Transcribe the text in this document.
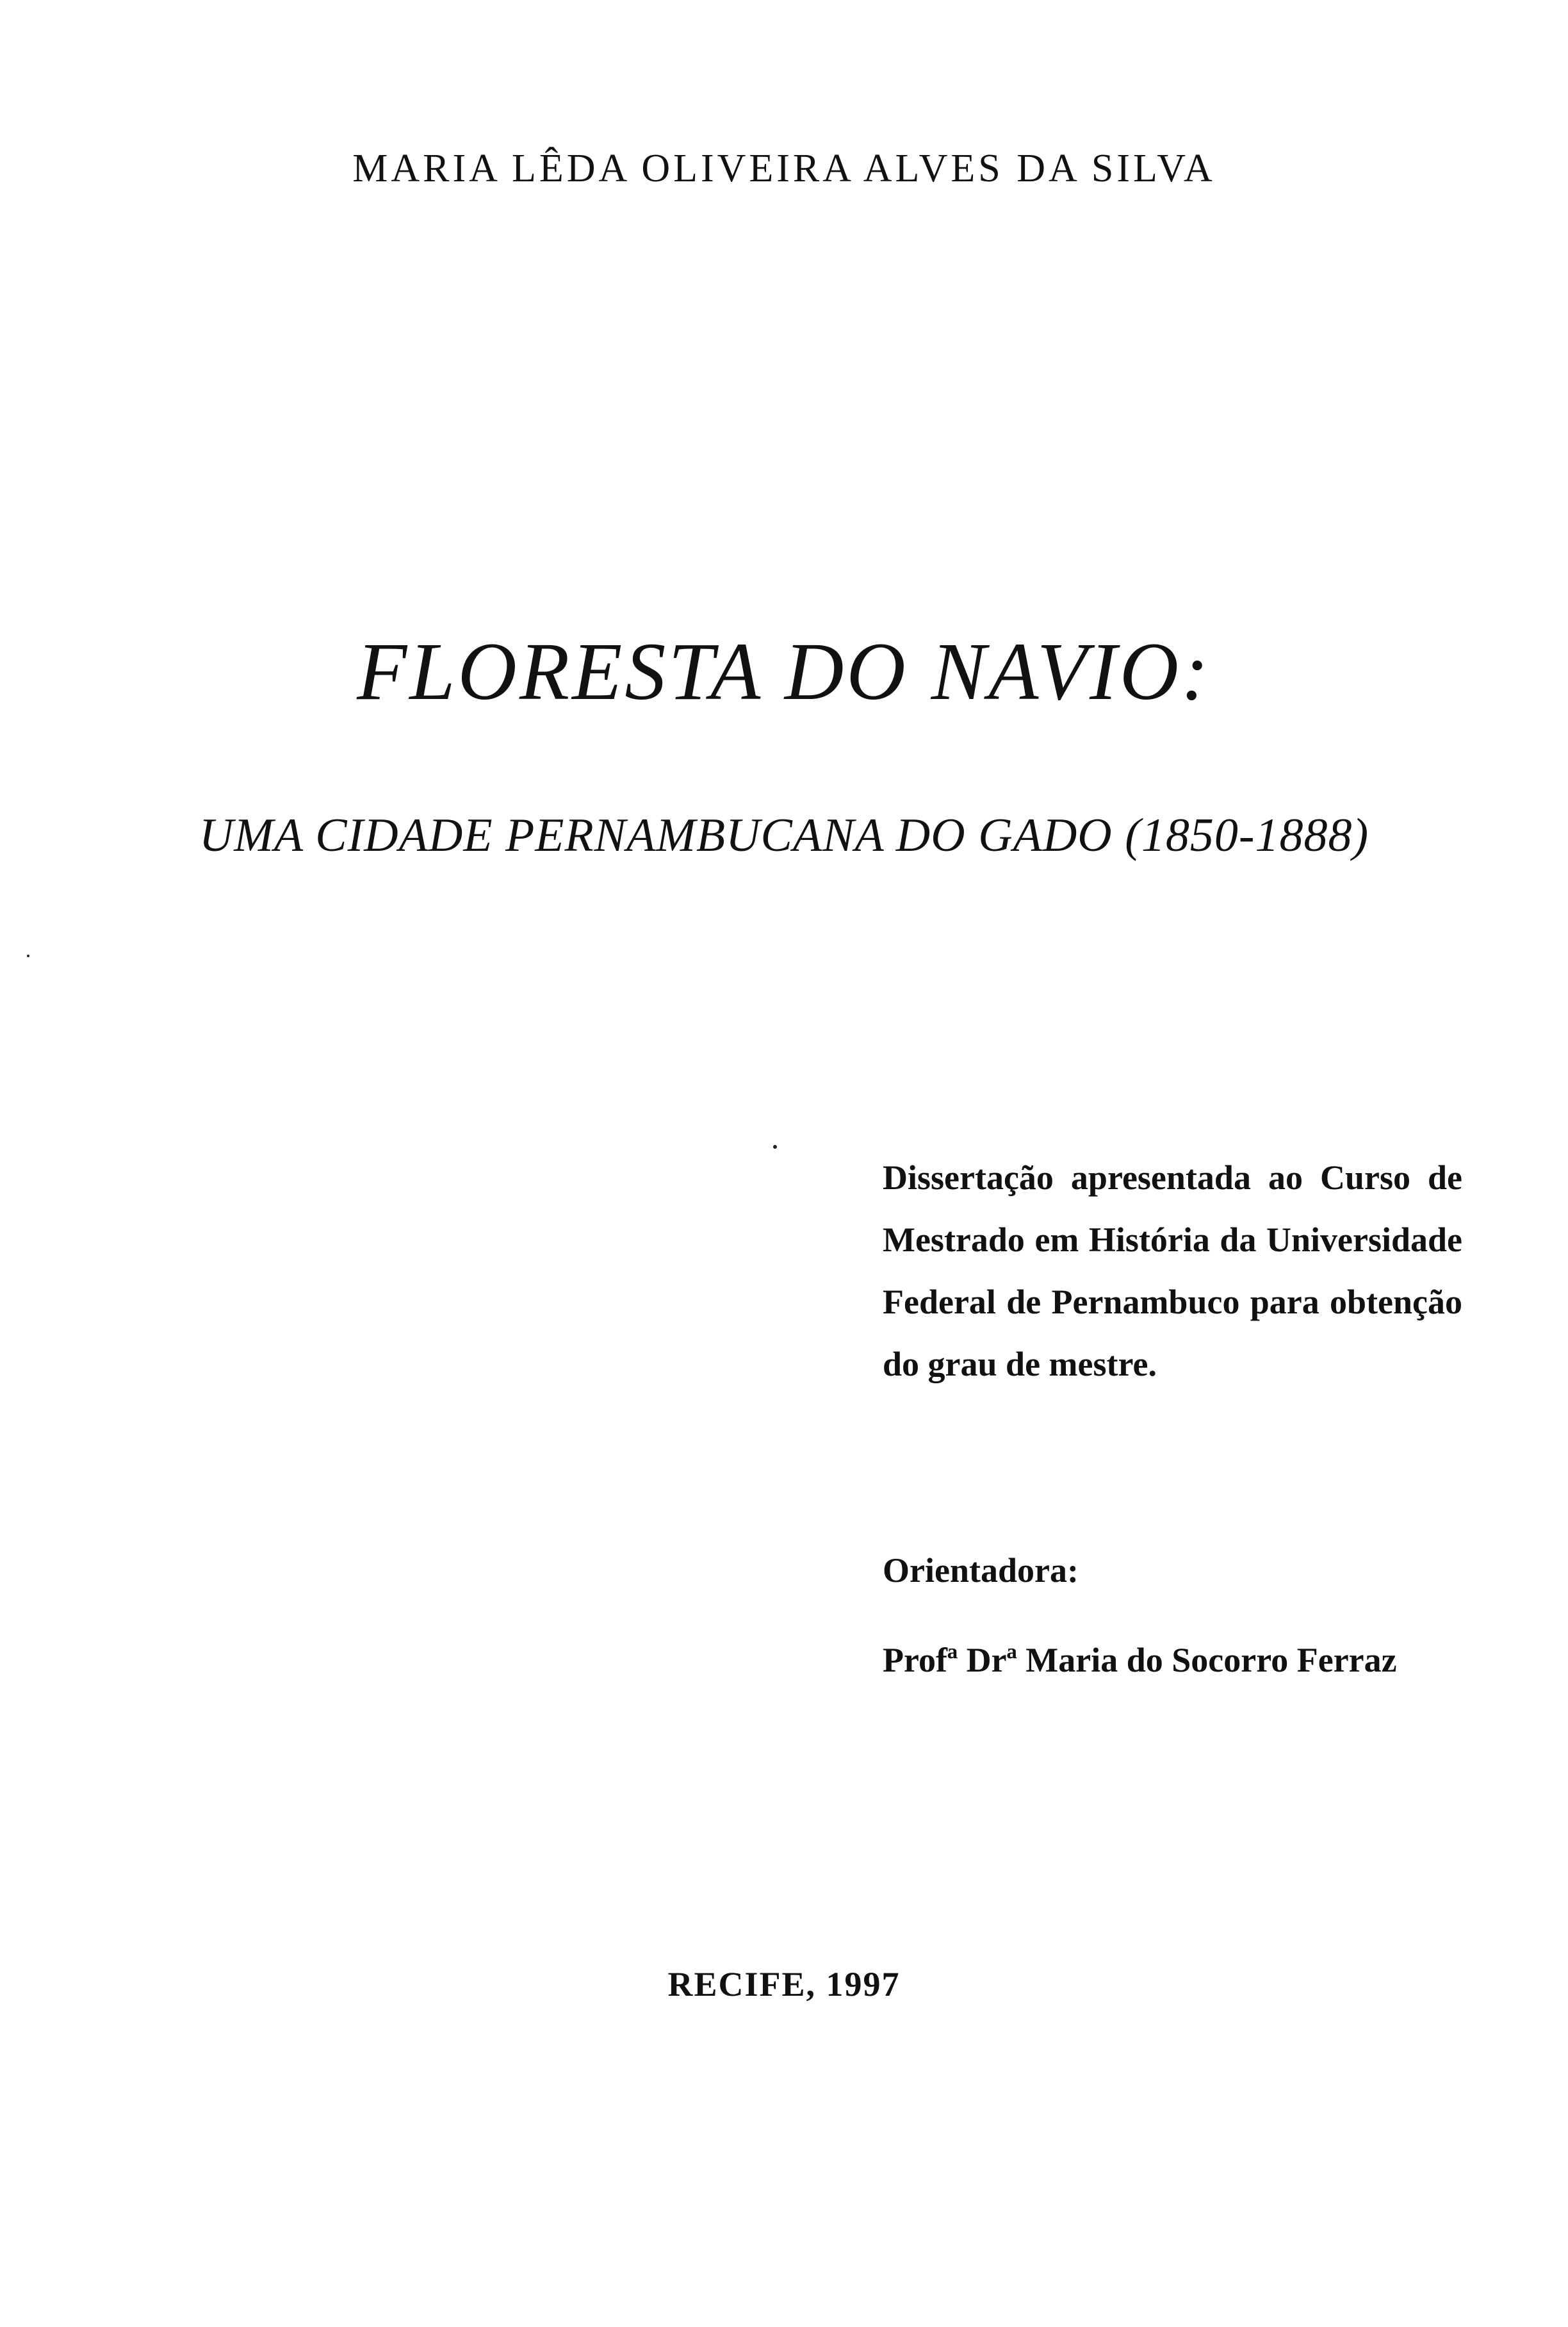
MARIA LÊDA OLIVEIRA ALVES DA SILVA
FLORESTA DO NAVIO:
UMA CIDADE PERNAMBUCANA DO GADO (1850-1888)
Dissertação apresentada ao Curso de Mestrado em História da Universidade Federal de Pernambuco para obtenção do grau de mestre.
Orientadora:
Profª Drª Maria do Socorro Ferraz
RECIFE, 1997
